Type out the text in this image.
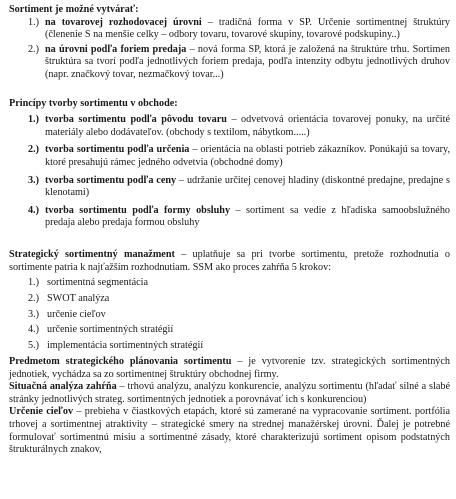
Sortiment je možné vytvárať:

1.) na tovarovej rozhodovacej úrovni – tradičná forma v SP. Určenie sortimentnej štruktúry (členenie S na menšie celky – odbory tovaru, tovarové skupiny, tovarové podskupiny..)
2.) na úrovni podľa foriem predaja – nová forma SP, ktorá je založená na štruktúre trhu. Sortimen štruktúra sa tvorí podľa jednotlivých foriem predaja, podľa intenzity odbytu jednotlivých druhov (napr. značkový tovar, nezmačkový tovar...)

Princípy tvorby sortimentu v obchode:

1.) tvorba sortimentu podľa pôvodu tovaru – odvetvová orientácia tovarovej ponuky, na určité materiály alebo dodávateľov. (obchody s textilom, nábytkom.....)
2.) tvorba sortimentu podľa určenia – orientácia na oblasti potrieb zákazníkov. Ponúkajú sa tovary, ktoré presahujú rámec jedného odvetvia (obchodné domy)
3.) tvorba sortimentu podľa ceny – udržanie určitej cenovej hladiny (diskontné predajne, predajne s klenotami)
4.) tvorba sortimentu podľa formy obsluhy – sortiment sa vedie z hľadiska samoobslužného predaja alebo predaja formou obsluhy

Strategický sortimentný manažment – uplatňuje sa pri tvorbe sortimentu, pretože rozhodnutia o sortimente patria k najťažším rozhodnutiam. SSM ako proces zahŕňa 5 krokov:

1.) sortimentná segmentácia
2.) SWOT analýza
3.) určenie cieľov
4.) určenie sortimentných stratégií
5.) implementácia sortimentných stratégií

Predmetom strategického plánovania sortimentu – je vytvorenie tzv. strategických sortimentných jednotiek, vychádza sa zo sortimentnej štruktúry obchodnej firmy.

Situačná analýza zahŕňa – trhovú analýzu, analýzu konkurencie, analýzu sortimentu (hľadať silné a slabé stránky jednotlivých strateg. sortimentných jednotiek a porovnávať ich s konkurenciou)

Určenie cieľov – prebieha v čiastkových etapách, ktoré sú zamerané na vypracovanie sortiment. portfólia trhovej a sortimentnej atraktivity – strategické smery na strednej manažérskej úrovni. Ďalej je potrebné formulovať sortimentnú misiu a sortimentné zásady, ktoré charakterizujú sortiment opisom podstatných štrukturálnych znakov,
